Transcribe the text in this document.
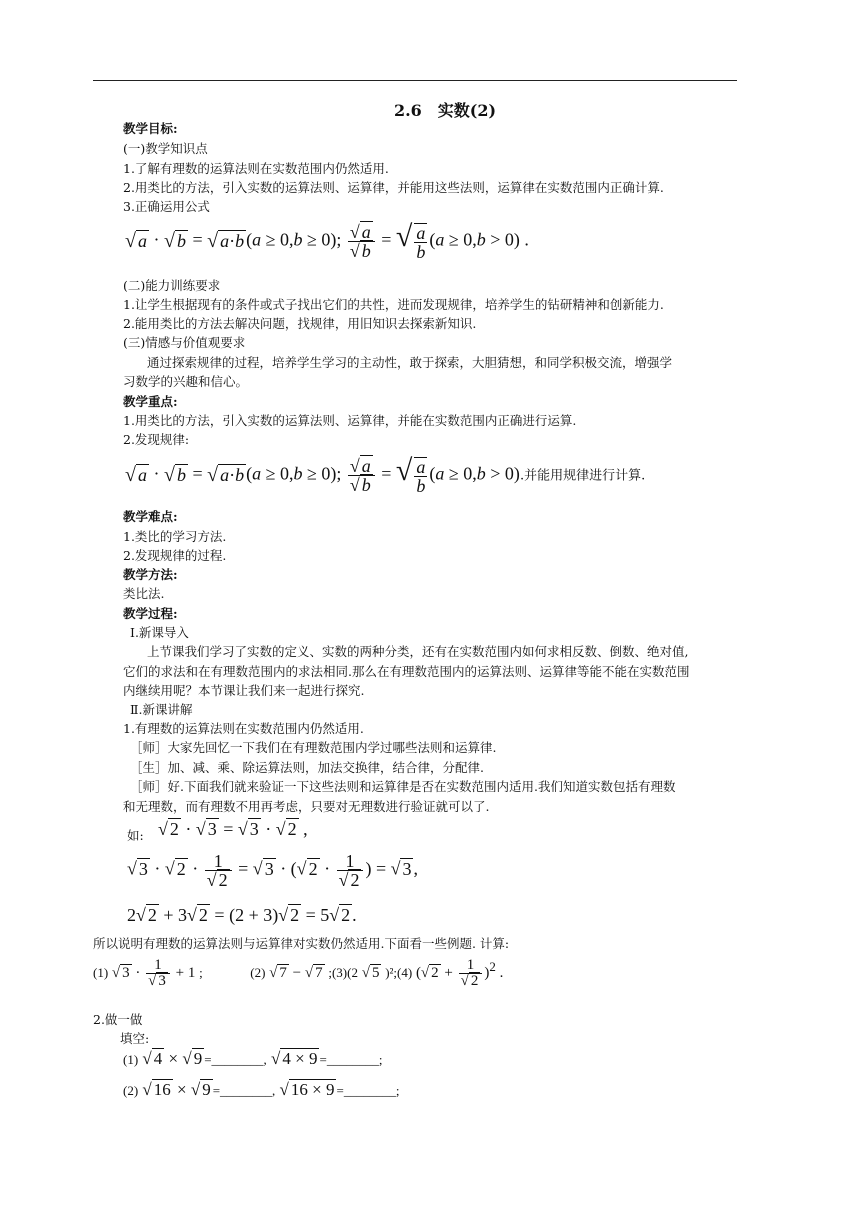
2.6　实数(2)
教学目标:
(一)教学知识点
1.了解有理数的运算法则在实数范围内仍然适用.
2.用类比的方法，引入实数的运算法则、运算律，并能用这些法则，运算律在实数范围内正确计算.
3.正确运用公式
√ a · √ b = √ a·b (a ≥ 0,b ≥ 0); $\frac{√ a}{√ b}$ = √ $\frac{a}{b} (a \ge 0,b > 0)$ .
(二)能力训练要求
1.让学生根据现有的条件或式子找出它们的共性，进而发现规律，培养学生的钻研精神和创新能力.
2.能用类比的方法去解决问题，找规律，用旧知识去探索新知识.
(三)情感与价值观要求
通过探索规律的过程，培养学生学习的主动性，敢于探索，大胆猜想，和同学积极交流，增强学
习数学的兴趣和信心。
教学重点:
1.用类比的方法，引入实数的运算法则、运算律，并能在实数范围内正确进行运算.
2.发现规律:
√ a · √ b = √ a·b (a ≥ 0,b ≥ 0); $\frac{√ a}{√ b}$ = √ $\frac{a}{b} (a \ge 0,b > 0)$.并能用规律进行计算.
教学难点:
1.类比的学习方法.
2.发现规律的过程.
教学方法:
类比法.
教学过程:
Ⅰ.新课导入
上节课我们学习了实数的定义、实数的两种分类，还有在实数范围内如何求相反数、倒数、绝对值,
它们的求法和在有理数范围内的求法相同.那么在有理数范围内的运算法则、运算律等能不能在实数范围
内继续用呢？本节课让我们来一起进行探究.
Ⅱ.新课讲解
1.有理数的运算法则在实数范围内仍然适用.
［师］大家先回忆一下我们在有理数范围内学过哪些法则和运算律.
［生］加、减、乘、除运算法则，加法交换律，结合律，分配律.
［师］好.下面我们就来验证一下这些法则和运算律是否在实数范围内适用.我们知道实数包括有理数
和无理数，而有理数不用再考虑，只要对无理数进行验证就可以了.
如: √ 2 · √ 3 = √ 3 · √ 2 ,
√ 3 · √ $2 \cdot \frac{1}{√ 2}$ = √ 3 · (√ $2 \cdot \frac{1}{√ 2}$ ) = √ 3 ,
2√ 2 + 3√ 2 = (2 + 3)√ 2 = 5√ 2 .
所以说明有理数的运算法则与运算律对实数仍然适用.下面看一些例题. 计算:
(1) √ $3 \cdot \frac{1}{√ 3} + 1$ ;	(2) √ 7 − √ 7 ;(3)(2 √ 5 )²;(4) (√ $2 + \frac{1}{√ 2} )^2$ .
2.做一做
填空:
(1) √ 4 × √ 9 =________, √ 4 × 9 =________;
(2) √ 16 × √ 9 =________, √ 16 × 9 =________;
